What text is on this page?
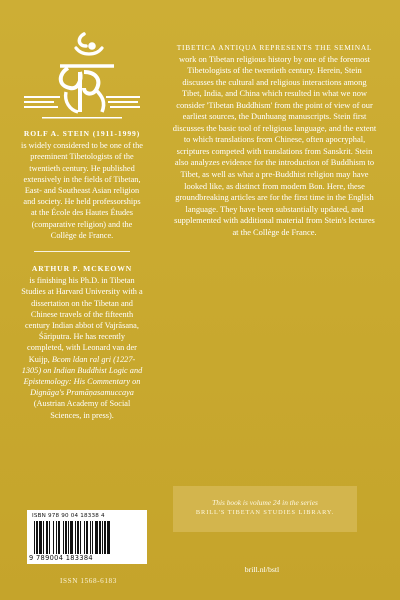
ROLF A. STEIN (1911-1999)

is widely considered to be one of the preeminent Tibetologists of the twentieth century. He published extensively in the fields of Tibetan, East- and Southeast Asian religion and society. He held professorships at the École des Hautes Études (comparative religion) and the Collège de France.

ARTHUR P. MCKEOWN

is finishing his Ph.D. in Tibetan Studies at Harvard University with a dissertation on the Tibetan and Chinese travels of the fifteenth century Indian abbot of Vajrāsana, Śāriputra. He has recently completed, with Leonard van der Kuijp, Bcom ldan ral gri (1227-1305) on Indian Buddhist Logic and Epistemology: His Commentary on Dignāga's Pramāṇasamuccaya (Austrian Academy of Social Sciences, in press).

TIBETICA ANTIQUA REPRESENTS THE SEMINAL work on Tibetan religious history by one of the foremost Tibetologists of the twentieth century. Herein, Stein discusses the cultural and religious interactions among Tibet, India, and China which resulted in what we now consider 'Tibetan Buddhism' from the point of view of our earliest sources, the Dunhuang manuscripts. Stein first discusses the basic tool of religious language, and the extent to which translations from Chinese, often apocryphal, scriptures competed with translations from Sanskrit. Stein also analyzes evidence for the introduction of Buddhism to Tibet, as well as what a pre-Buddhist religion may have looked like, as distinct from modern Bon. Here, these groundbreaking articles are for the first time in the English language. They have been substantially updated, and supplemented with additional material from Stein's lectures at the Collège de France.

This book is volume 24 in the series
BRILL'S TIBETAN STUDIES LIBRARY.
ISBN 978 90 04 18338 4
9 789004 183384
ISSN 1568-6183
brill.nl/bstl
